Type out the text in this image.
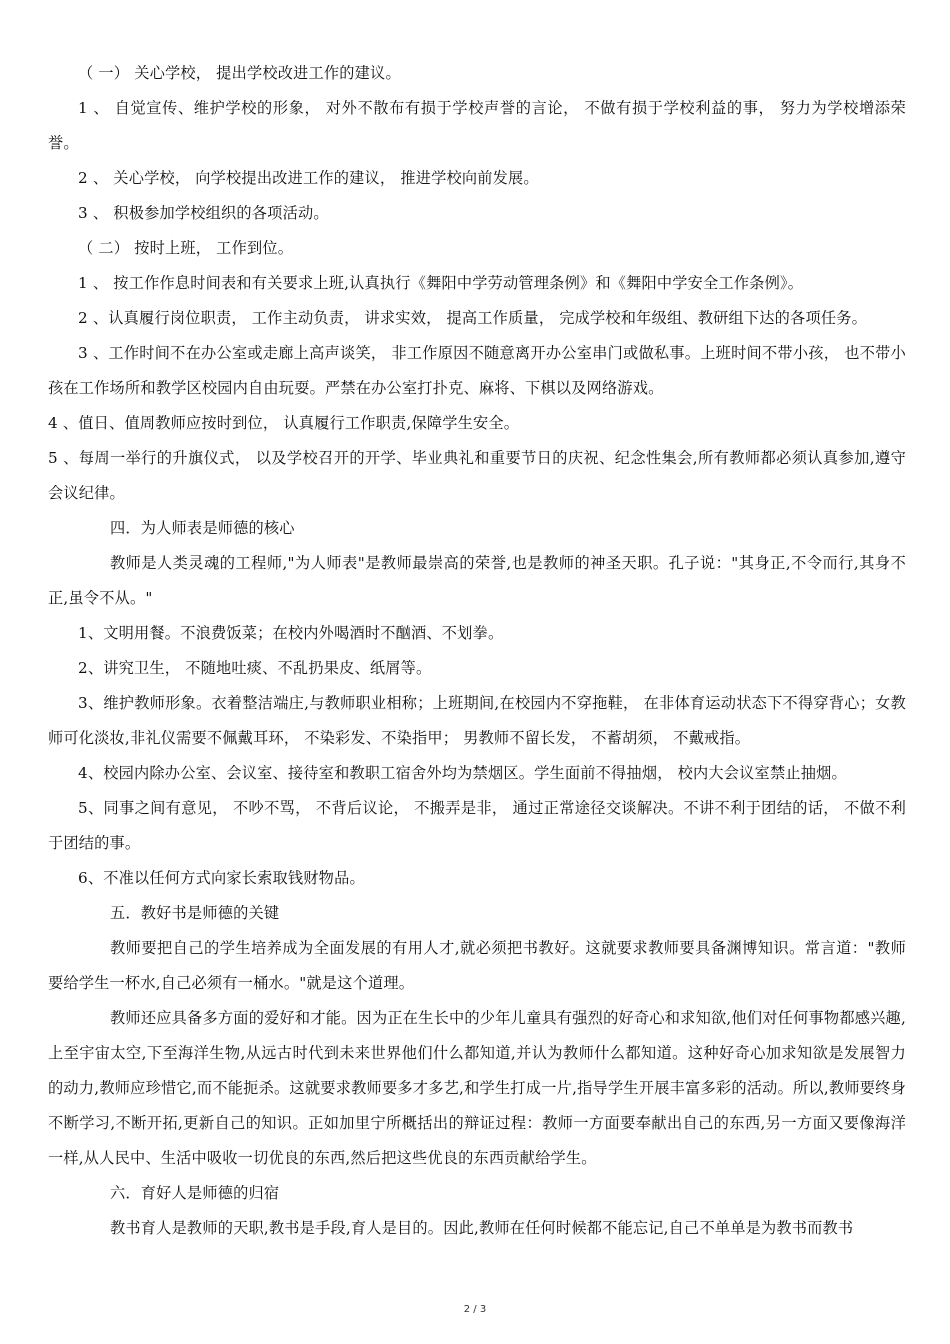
（ 一） 关心学校， 提出学校改进工作的建议。

1 、 自觉宣传、维护学校的形象， 对外不散布有损于学校声誉的言论， 不做有损于学校利益的事， 努力为学校增添荣誉。

2 、 关心学校， 向学校提出改进工作的建议， 推进学校向前发展。

3 、 积极参加学校组织的各项活动。

（ 二） 按时上班， 工作到位。

1 、 按工作作息时间表和有关要求上班,认真执行《舞阳中学劳动管理条例》和《舞阳中学安全工作条例》。

2 、认真履行岗位职责， 工作主动负责， 讲求实效， 提高工作质量， 完成学校和年级组、教研组下达的各项任务。

3 、工作时间不在办公室或走廊上高声谈笑， 非工作原因不随意离开办公室串门或做私事。上班时间不带小孩， 也不带小孩在工作场所和教学区校园内自由玩耍。严禁在办公室打扑克、麻将、下棋以及网络游戏。

4 、值日、值周教师应按时到位， 认真履行工作职责,保障学生安全。

5 、每周一举行的升旗仪式， 以及学校召开的开学、毕业典礼和重要节日的庆祝、纪念性集会,所有教师都必须认真参加,遵守会议纪律。

四．为人师表是师德的核心

教师是人类灵魂的工程师,"为人师表"是教师最崇高的荣誉,也是教师的神圣天职。孔子说："其身正,不令而行,其身不正,虽令不从。"

1、文明用餐。不浪费饭菜；在校内外喝酒时不酗酒、不划拳。

2、讲究卫生， 不随地吐痰、不乱扔果皮、纸屑等。

3、维护教师形象。衣着整洁端庄,与教师职业相称；上班期间,在校园内不穿拖鞋， 在非体育运动状态下不得穿背心；女教师可化淡妆,非礼仪需要不佩戴耳环， 不染彩发、不染指甲； 男教师不留长发， 不蓄胡须， 不戴戒指。

4、校园内除办公室、会议室、接待室和教职工宿舍外均为禁烟区。学生面前不得抽烟， 校内大会议室禁止抽烟。

5、同事之间有意见， 不吵不骂， 不背后议论， 不搬弄是非， 通过正常途径交谈解决。不讲不利于团结的话， 不做不利于团结的事。

6、不准以任何方式向家长索取钱财物品。

五．教好书是师德的关键

教师要把自己的学生培养成为全面发展的有用人才,就必须把书教好。这就要求教师要具备渊博知识。常言道："教师要给学生一杯水,自己必须有一桶水。"就是这个道理。

教师还应具备多方面的爱好和才能。因为正在生长中的少年儿童具有强烈的好奇心和求知欲,他们对任何事物都感兴趣,上至宇宙太空,下至海洋生物,从远古时代到未来世界他们什么都知道,并认为教师什么都知道。这种好奇心加求知欲是发展智力的动力,教师应珍惜它,而不能扼杀。这就要求教师要多才多艺,和学生打成一片,指导学生开展丰富多彩的活动。所以,教师要终身不断学习,不断开拓,更新自己的知识。正如加里宁所概括出的辩证过程：教师一方面要奉献出自己的东西,另一方面又要像海洋一样,从人民中、生活中吸收一切优良的东西,然后把这些优良的东西贡献给学生。

六．育好人是师德的归宿

教书育人是教师的天职,教书是手段,育人是目的。因此,教师在任何时候都不能忘记,自己不单单是为教书而教书

2 / 3
